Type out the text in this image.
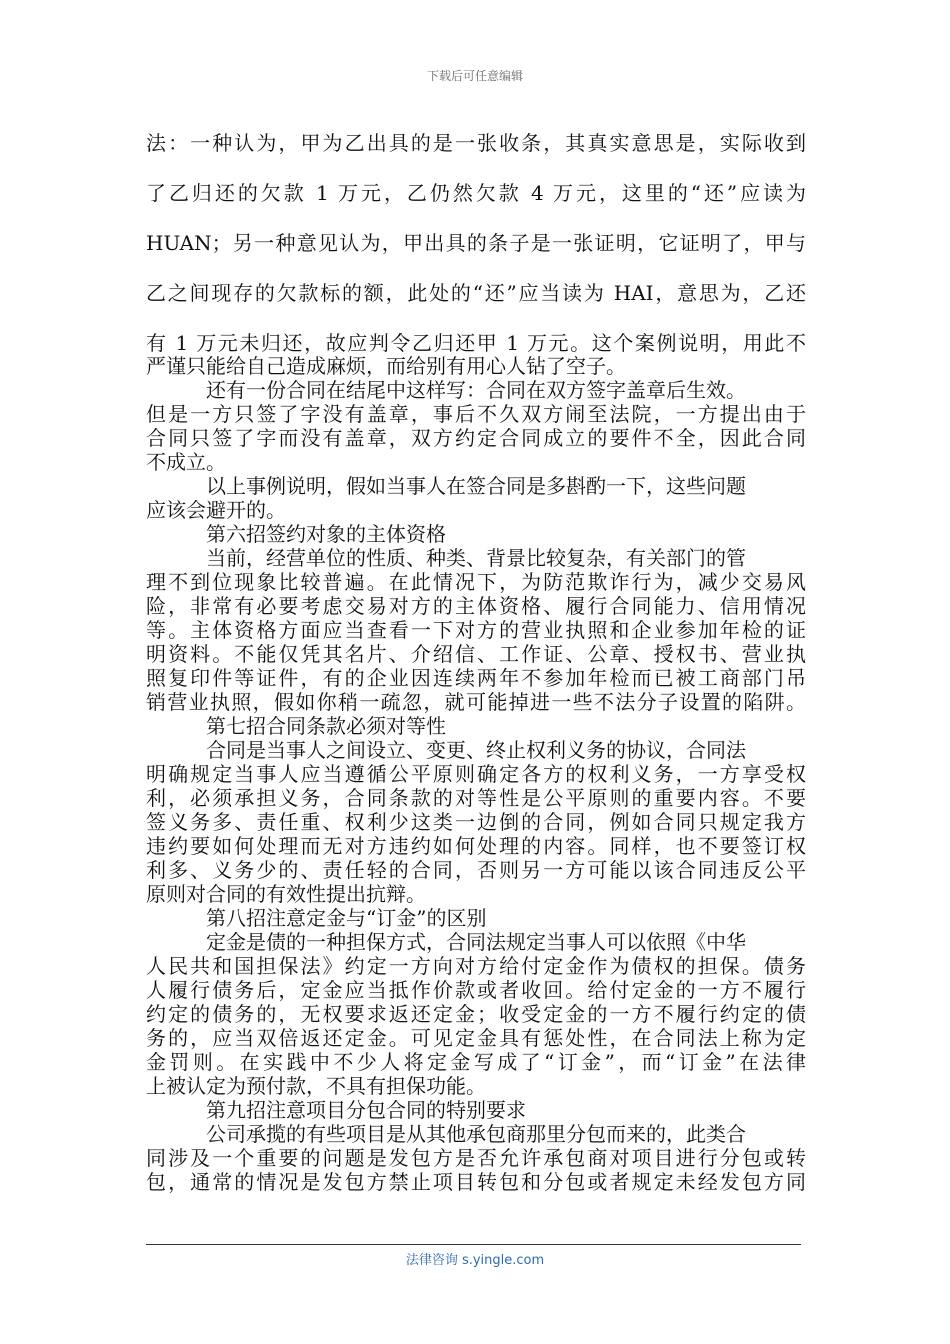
下载后可任意编辑
法：一种认为，甲为乙出具的是一张收条，其真实意思是，实际收到
了乙归还的欠款 1 万元，乙仍然欠款 4 万元，这里的“还”应读为
HUAN；另一种意见认为，甲出具的条子是一张证明，它证明了，甲与
乙之间现存的欠款标的额，此处的“还”应当读为 HAI，意思为，乙还
有 1 万元未归还，故应判令乙归还甲 1 万元。这个案例说明，用此不
严谨只能给自己造成麻烦，而给别有用心人钻了空子。
还有一份合同在结尾中这样写：合同在双方签字盖章后生效。
但是一方只签了字没有盖章，事后不久双方闹至法院，一方提出由于
合同只签了字而没有盖章，双方约定合同成立的要件不全，因此合同
不成立。
以上事例说明，假如当事人在签合同是多斟酌一下，这些问题
应该会避开的。
第六招签约对象的主体资格
当前，经营单位的性质、种类、背景比较复杂，有关部门的管
理不到位现象比较普遍。在此情况下，为防范欺诈行为，减少交易风
险，非常有必要考虑交易对方的主体资格、履行合同能力、信用情况
等。主体资格方面应当查看一下对方的营业执照和企业参加年检的证
明资料。不能仅凭其名片、介绍信、工作证、公章、授权书、营业执
照复印件等证件，有的企业因连续两年不参加年检而已被工商部门吊
销营业执照，假如你稍一疏忽，就可能掉进一些不法分子设置的陷阱。
第七招合同条款必须对等性
合同是当事人之间设立、变更、终止权利义务的协议，合同法
明确规定当事人应当遵循公平原则确定各方的权利义务，一方享受权
利，必须承担义务，合同条款的对等性是公平原则的重要内容。不要
签义务多、责任重、权利少这类一边倒的合同，例如合同只规定我方
违约要如何处理而无对方违约如何处理的内容。同样，也不要签订权
利多、义务少的、责任轻的合同，否则另一方可能以该合同违反公平
原则对合同的有效性提出抗辩。
第八招注意定金与“订金”的区别
定金是债的一种担保方式，合同法规定当事人可以依照《中华
人民共和国担保法》约定一方向对方给付定金作为债权的担保。债务
人履行债务后，定金应当抵作价款或者收回。给付定金的一方不履行
约定的债务的，无权要求返还定金；收受定金的一方不履行约定的债
务的，应当双倍返还定金。可见定金具有惩处性，在合同法上称为定
金罚则。在实践中不少人将定金写成了“订金”，而“订金”在法律
上被认定为预付款，不具有担保功能。
第九招注意项目分包合同的特别要求
公司承揽的有些项目是从其他承包商那里分包而来的，此类合
同涉及一个重要的问题是发包方是否允许承包商对项目进行分包或转
包，通常的情况是发包方禁止项目转包和分包或者规定未经发包方同
法律咨询 s.yingle.com
